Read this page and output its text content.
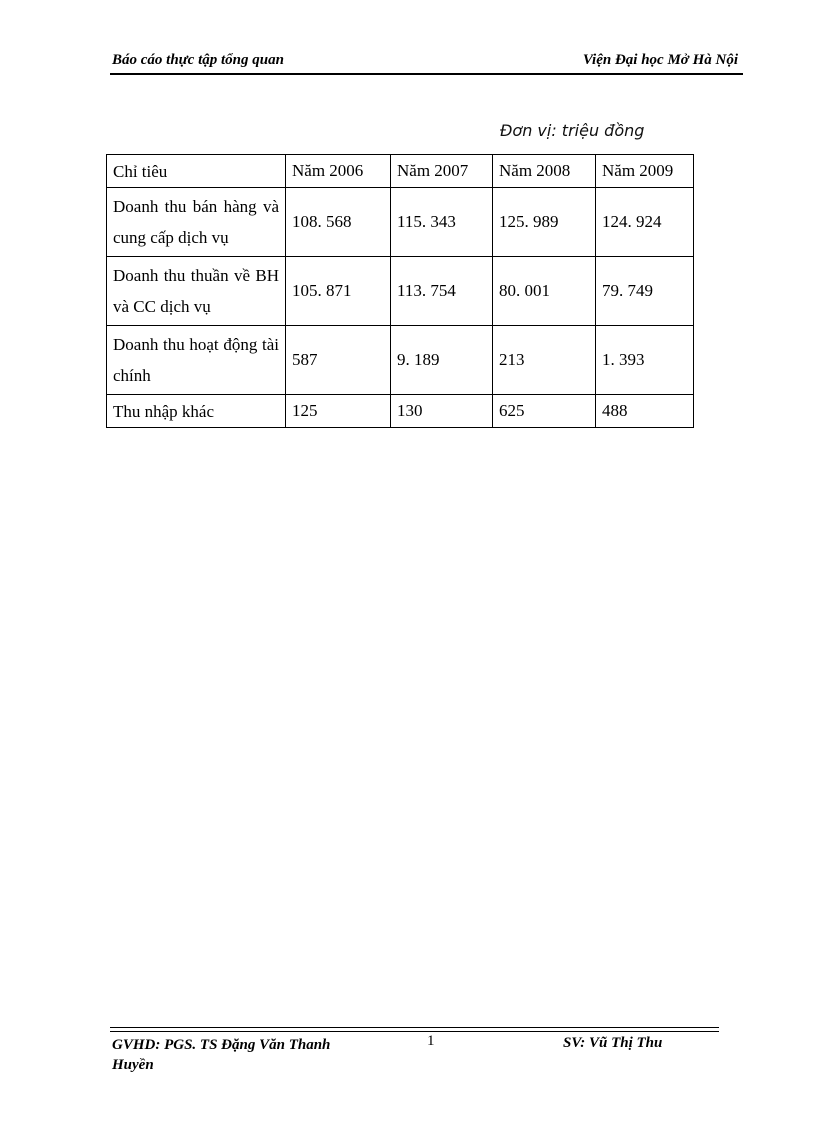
Báo cáo thực tập tổng quan	Viện Đại học Mở Hà Nội
Đơn vị: triệu đồng
Chỉ tiêu	Năm 2006	Năm 2007	Năm 2008	Năm 2009
Doanh thu bán hàng và cung cấp dịch vụ	108. 568	115. 343	125. 989	124. 924
Doanh thu thuần về BH và CC dịch vụ	105. 871	113. 754	80. 001	79. 749
Doanh thu hoạt động tài chính	587	9. 189	213	1. 393
Thu nhập khác	125	130	625	488
GVHD: PGS. TS Đặng Văn Thanh Huyền
1	SV: Vũ Thị Thu
